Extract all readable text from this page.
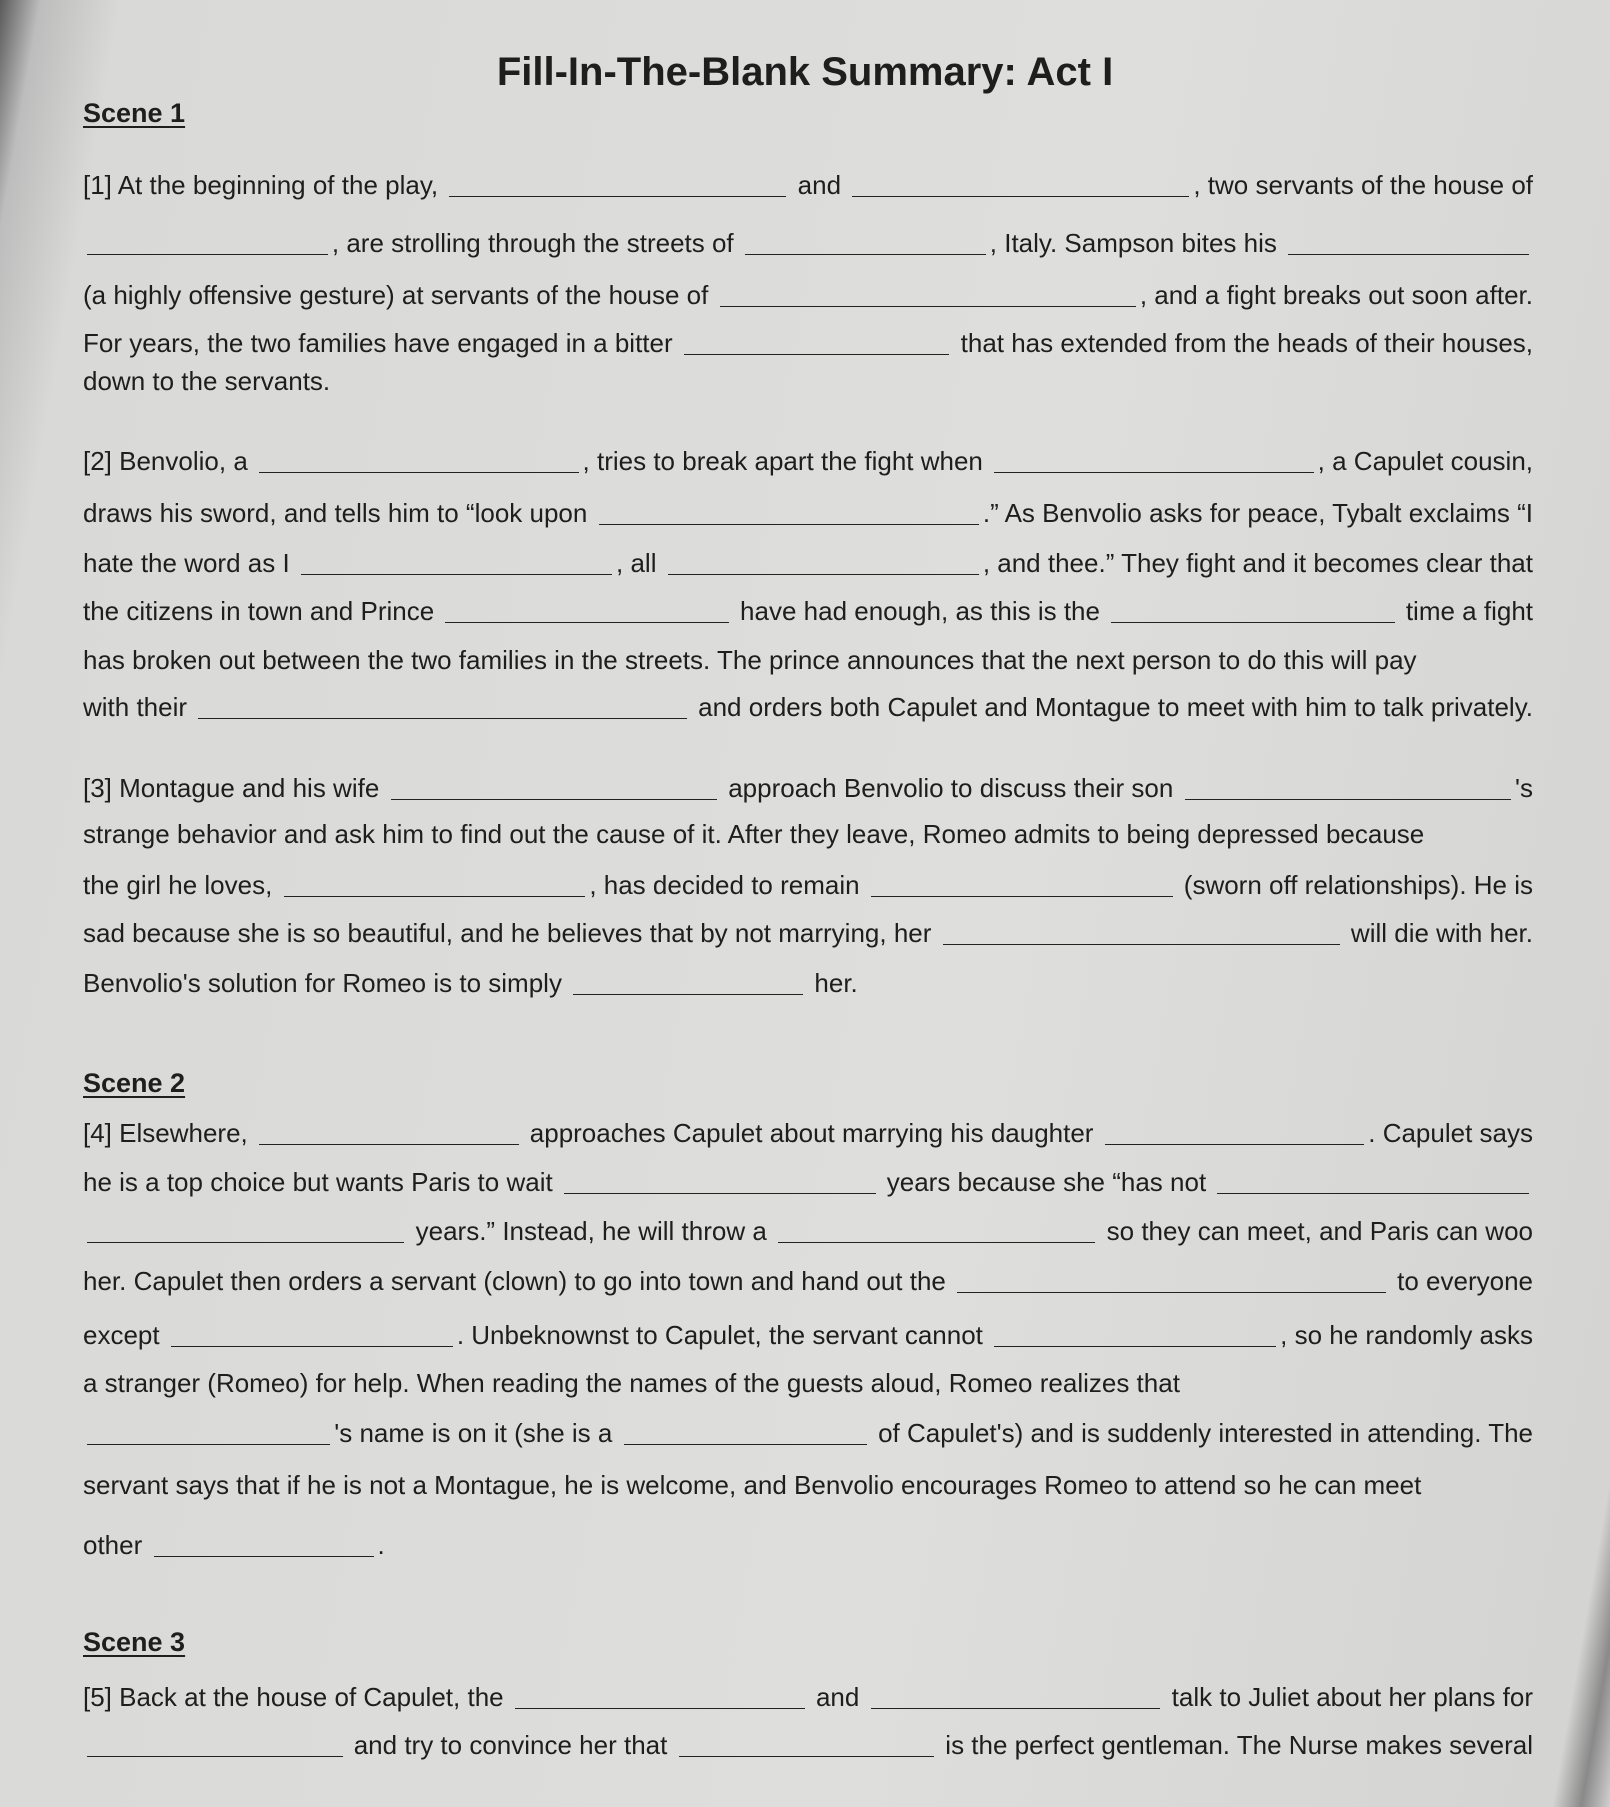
Fill-In-The-Blank Summary: Act I
Scene 1
Scene 2
Scene 3
[1] At the beginning of the play,	and	, two servants of the house of
, are strolling through the streets of	, Italy. Sampson bites his
(a highly offensive gesture) at servants of the house of	, and a fight breaks out soon after.
For years, the two families have engaged in a bitter	that has extended from the heads of their houses,
down to the servants.
[2] Benvolio, a	, tries to break apart the fight when	, a Capulet cousin,
draws his sword, and tells him to “look upon	.” As Benvolio asks for peace, Tybalt exclaims “I
hate the word as I	, all	, and thee.” They fight and it becomes clear that
the citizens in town and Prince	have had enough, as this is the	time a fight
has broken out between the two families in the streets. The prince announces that the next person to do this will pay
with their	and orders both Capulet and Montague to meet with him to talk privately.
[3] Montague and his wife	approach Benvolio to discuss their son	's
strange behavior and ask him to find out the cause of it. After they leave, Romeo admits to being depressed because
the girl he loves,	, has decided to remain	(sworn off relationships). He is
sad because she is so beautiful, and he believes that by not marrying, her	will die with her.
Benvolio's solution for Romeo is to simply	her.
[4] Elsewhere,	approaches Capulet about marrying his daughter	. Capulet says
he is a top choice but wants Paris to wait	years because she “has not
years.” Instead, he will throw a	so they can meet, and Paris can woo
her. Capulet then orders a servant (clown) to go into town and hand out the	to everyone
except	. Unbeknownst to Capulet, the servant cannot	, so he randomly asks
a stranger (Romeo) for help. When reading the names of the guests aloud, Romeo realizes that
's name is on it (she is a	of Capulet's) and is suddenly interested in attending. The
servant says that if he is not a Montague, he is welcome, and Benvolio encourages Romeo to attend so he can meet
other	.
[5] Back at the house of Capulet, the	and	talk to Juliet about her plans for
and try to convince her that	is the perfect gentleman. The Nurse makes several
